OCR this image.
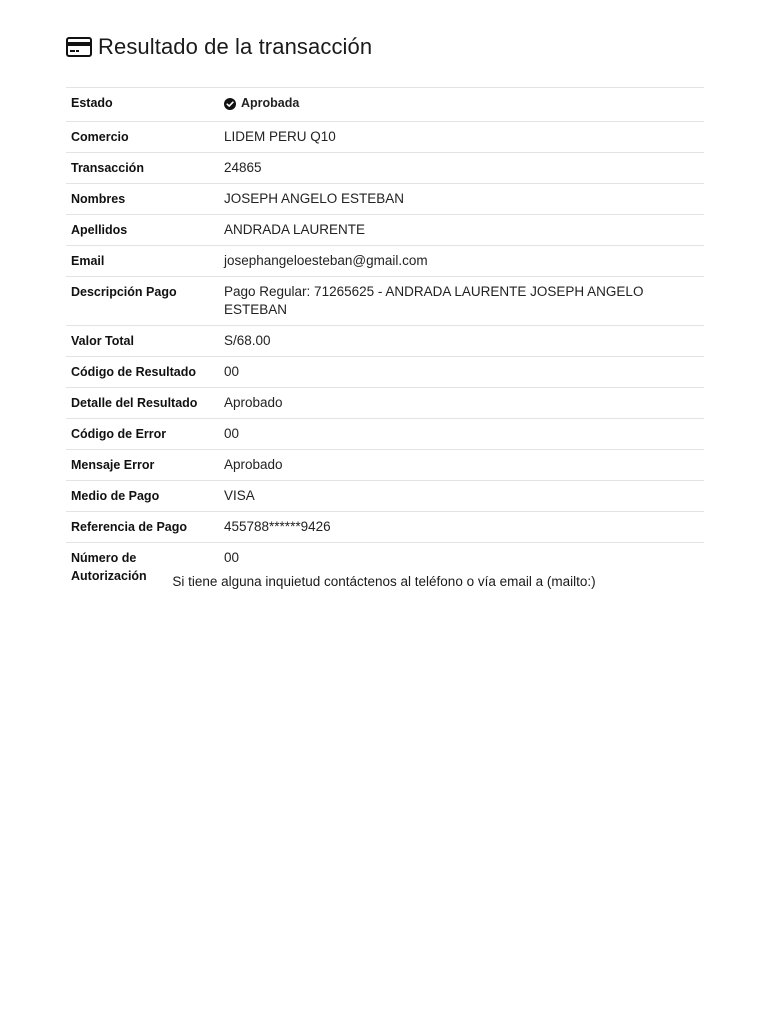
Resultado de la transacción
Estado	Aprobada

Comercio	LIDEM PERU Q10
Transacción	24865
Nombres	JOSEPH ANGELO ESTEBAN
Apellidos	ANDRADA LAURENTE
Email	josephangeloesteban@gmail.com
Descripción Pago	Pago Regular: 71265625 - ANDRADA LAURENTE JOSEPH ANGELO ESTEBAN
Valor Total	S/68.00
Código de Resultado	00
Detalle del Resultado	Aprobado
Código de Error	00
Mensaje Error	Aprobado
Medio de Pago	VISA
Referencia de Pago	455788******9426
Número de Autorización	00
Si tiene alguna inquietud contáctenos al teléfono o vía email a (mailto:)
